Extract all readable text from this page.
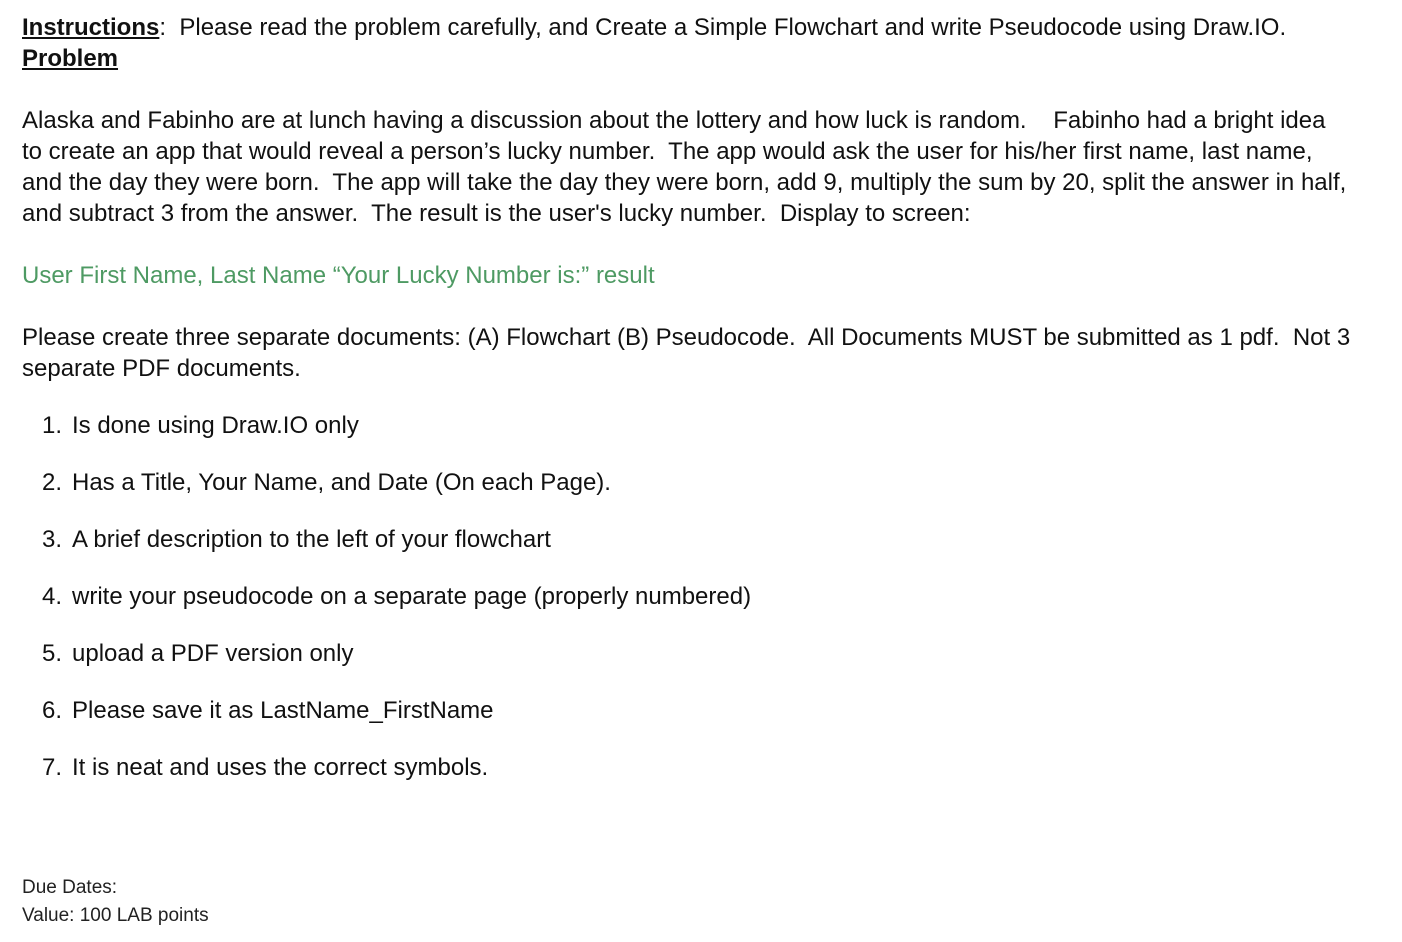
Instructions:  Please read the problem carefully, and Create a Simple Flowchart and write Pseudocode using Draw.IO.

Problem

Alaska and Fabinho are at lunch having a discussion about the lottery and how luck is random.    Fabinho had a bright idea to create an app that would reveal a person’s lucky number.  The app would ask the user for his/her first name, last name, and the day they were born.  The app will take the day they were born, add 9, multiply the sum by 20, split the answer in half, and subtract 3 from the answer.  The result is the user's lucky number.  Display to screen:

User First Name, Last Name “Your Lucky Number is:” result

Please create three separate documents: (A) Flowchart (B) Pseudocode.  All Documents MUST be submitted as 1 pdf.  Not 3 separate PDF documents.

1. Is done using Draw.IO only
2. Has a Title, Your Name, and Date (On each Page).
3. A brief description to the left of your flowchart
4. write your pseudocode on a separate page (properly numbered)
5. upload a PDF version only
6. Please save it as LastName_FirstName
7. It is neat and uses the correct symbols.
Due Dates:
Value: 100 LAB points
